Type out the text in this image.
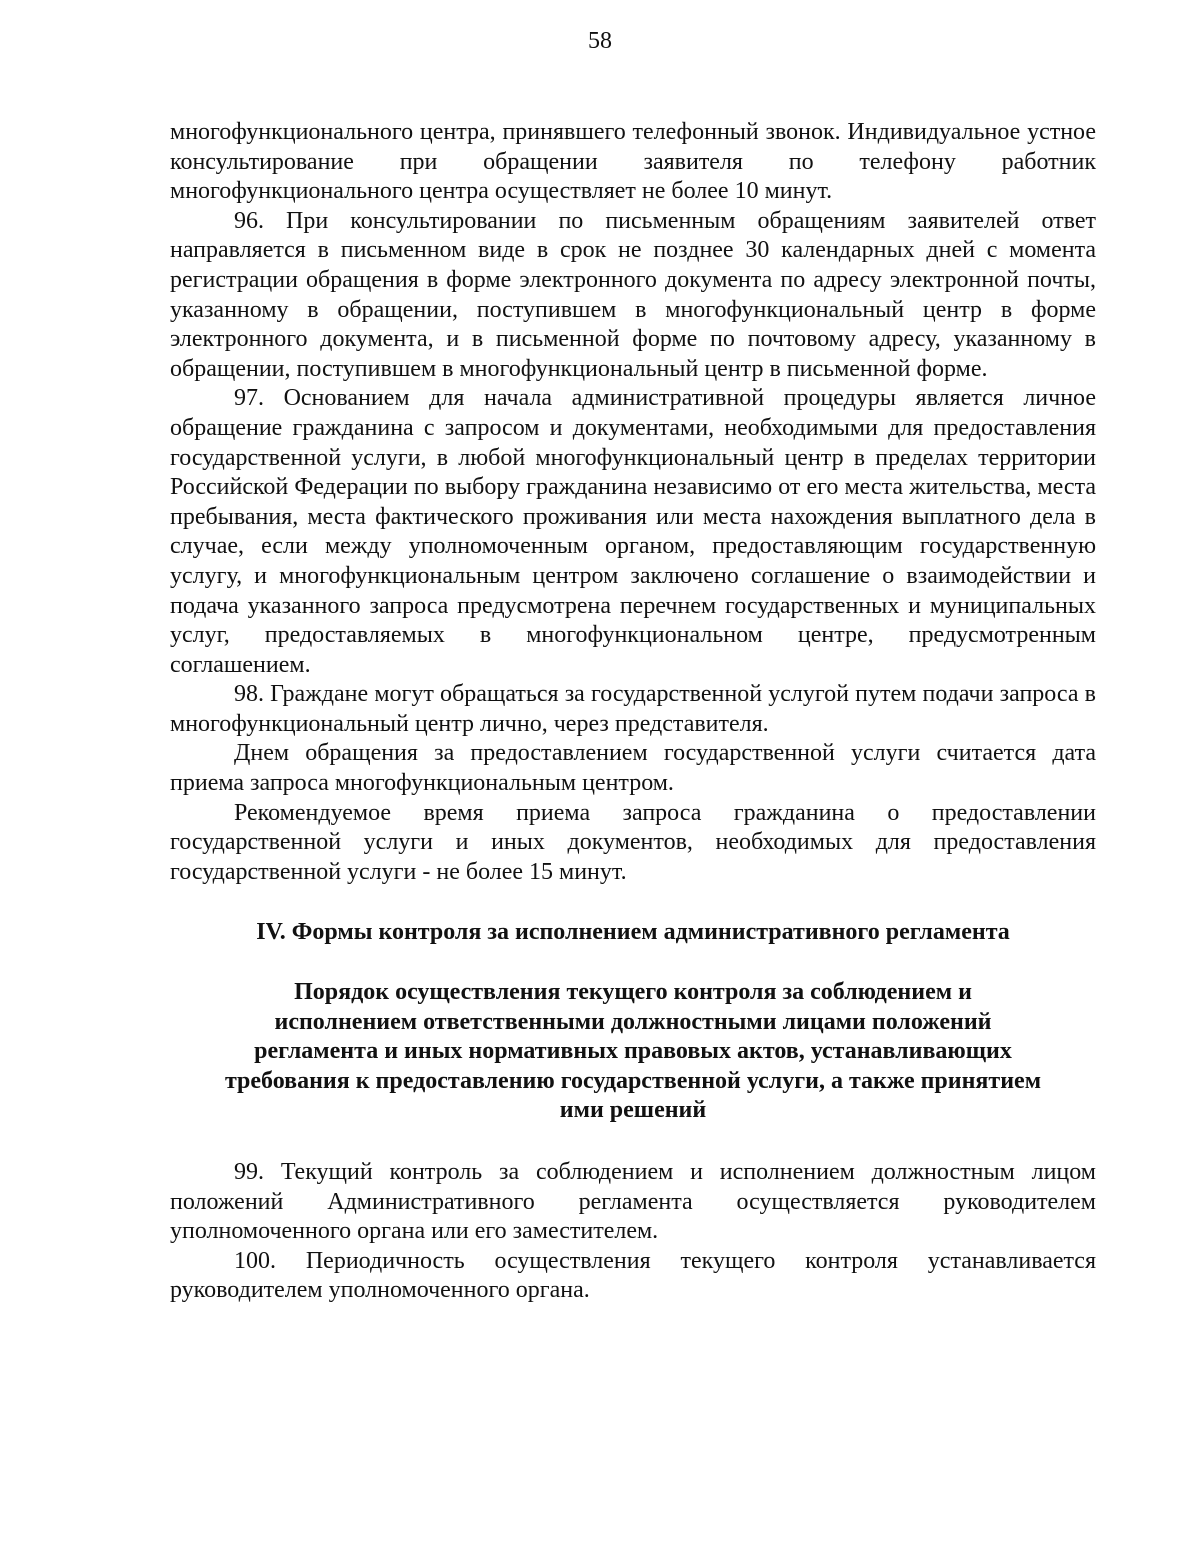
58

многофункционального центра, принявшего телефонный звонок. Индивидуальное устное консультирование при обращении заявителя по телефону работник многофункционального центра осуществляет не более 10 минут.

96. При консультировании по письменным обращениям заявителей ответ направляется в письменном виде в срок не позднее 30 календарных дней с момента регистрации обращения в форме электронного документа по адресу электронной почты, указанному в обращении, поступившем в многофункциональный центр в форме электронного документа, и в письменной форме по почтовому адресу, указанному в обращении, поступившем в многофункциональный центр в письменной форме.

97. Основанием для начала административной процедуры является личное обращение гражданина с запросом и документами, необходимыми для предоставления государственной услуги, в любой многофункциональный центр в пределах территории Российской Федерации по выбору гражданина независимо от его места жительства, места пребывания, места фактического проживания или места нахождения выплатного дела в случае, если между уполномоченным органом, предоставляющим государственную услугу, и многофункциональным центром заключено соглашение о взаимодействии и подача указанного запроса предусмотрена перечнем государственных и муниципальных услуг, предоставляемых в многофункциональном центре, предусмотренным соглашением.

98. Граждане могут обращаться за государственной услугой путем подачи запроса в многофункциональный центр лично, через представителя.

Днем обращения за предоставлением государственной услуги считается дата приема запроса многофункциональным центром.

Рекомендуемое время приема запроса гражданина о предоставлении государственной услуги и иных документов, необходимых для предоставления государственной услуги - не более 15 минут.

IV. Формы контроля за исполнением административного регламента
Порядок осуществления текущего контроля за соблюдением и
исполнением ответственными должностными лицами положений
регламента и иных нормативных правовых актов, устанавливающих
требования к предоставлению государственной услуги, а также принятием
ими решений

99. Текущий контроль за соблюдением и исполнением должностным лицом положений Административного регламента осуществляется руководителем уполномоченного органа или его заместителем.

100. Периодичность осуществления текущего контроля устанавливается руководителем уполномоченного органа.
